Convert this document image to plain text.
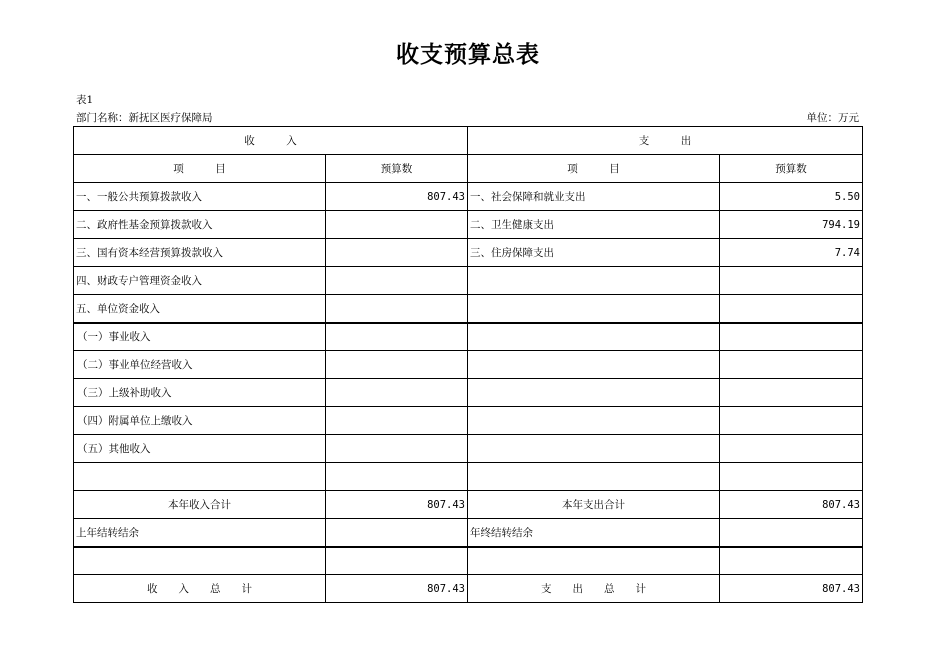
收支预算总表
表1
部门名称：新抚区医疗保障局	单位：万元
收　　　入		支　　　出	
项　　　目	预算数	项　　　目	预算数
一、一般公共预算拨款收入	807.43	一、社会保障和就业支出	5.50
二、政府性基金预算拨款收入		二、卫生健康支出	794.19
三、国有资本经营预算拨款收入		三、住房保障支出	7.74
四、财政专户管理资金收入			
五、单位资金收入			
（一）事业收入			
（二）事业单位经营收入			
（三）上级补助收入			
（四）附属单位上缴收入			
（五）其他收入			

本年收入合计	807.43	本年支出合计	807.43
上年结转结余		年终结转结余	

收　　入　　总　　计	807.43	支　　出　　总　　计	807.43
